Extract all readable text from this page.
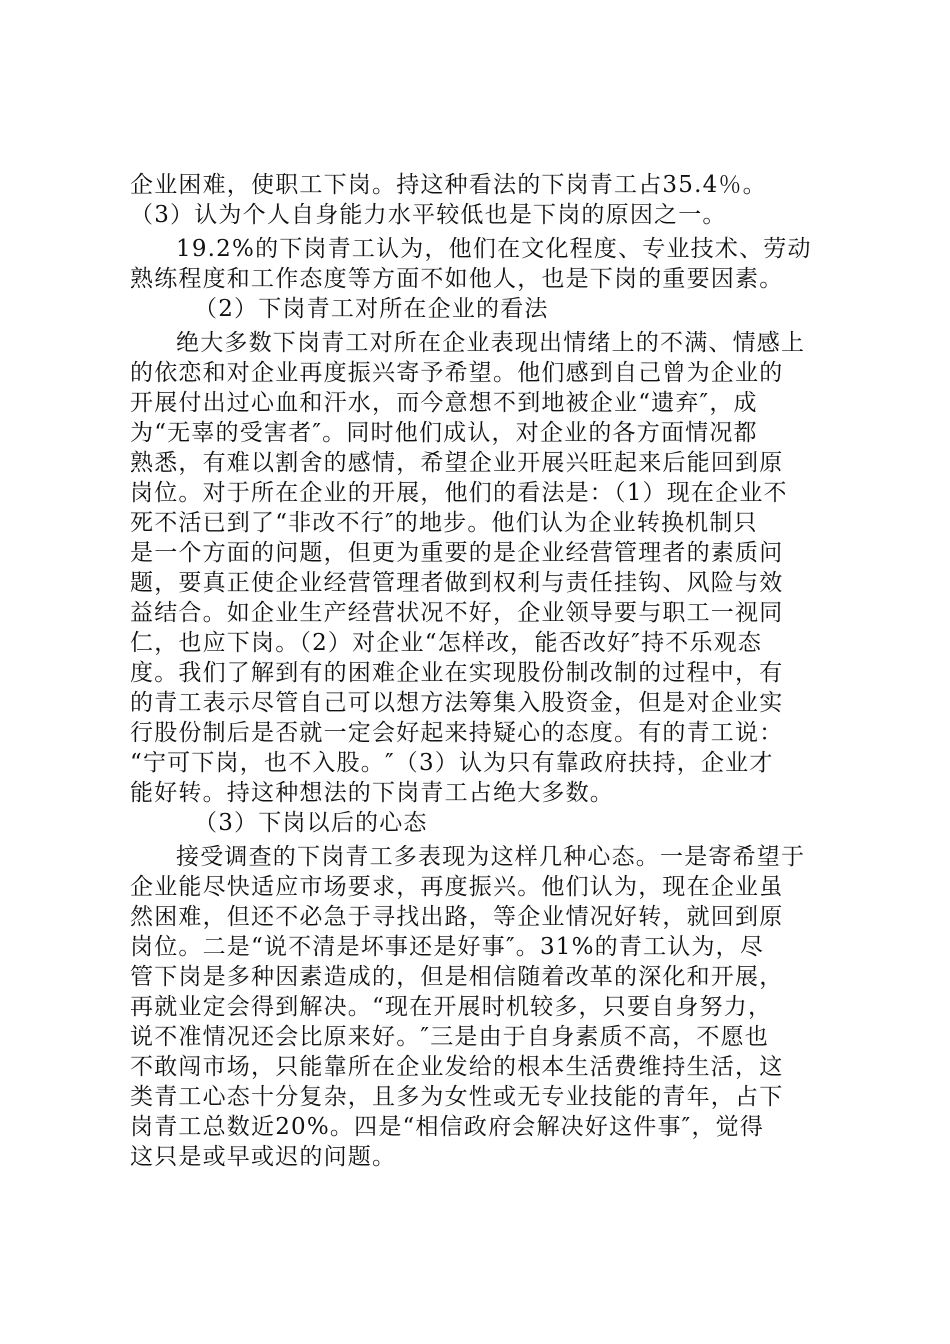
企业困难，使职工下岗。持这种看法的下岗青工占35.4％。
（3）认为个人自身能力水平较低也是下岗的原因之一。
19.2%的下岗青工认为，他们在文化程度、专业技术、劳动
熟练程度和工作态度等方面不如他人，也是下岗的重要因素。
（2）下岗青工对所在企业的看法
绝大多数下岗青工对所在企业表现出情绪上的不满、情感上
的依恋和对企业再度振兴寄予希望。他们感到自己曾为企业的
开展付出过心血和汗水，而今意想不到地被企业“遗弃″，成
为“无辜的受害者″。同时他们成认，对企业的各方面情况都
熟悉，有难以割舍的感情，希望企业开展兴旺起来后能回到原
岗位。对于所在企业的开展，他们的看法是：（1）现在企业不
死不活已到了“非改不行″的地步。他们认为企业转换机制只
是一个方面的问题，但更为重要的是企业经营管理者的素质问
题，要真正使企业经营管理者做到权利与责任挂钩、风险与效
益结合。如企业生产经营状况不好，企业领导要与职工一视同
仁，也应下岗。（2）对企业“怎样改，能否改好″持不乐观态
度。我们了解到有的困难企业在实现股份制改制的过程中，有
的青工表示尽管自己可以想方法筹集入股资金，但是对企业实
行股份制后是否就一定会好起来持疑心的态度。有的青工说：
“宁可下岗，也不入股。″（3）认为只有靠政府扶持，企业才
能好转。持这种想法的下岗青工占绝大多数。
（3）下岗以后的心态
接受调查的下岗青工多表现为这样几种心态。一是寄希望于
企业能尽快适应市场要求，再度振兴。他们认为，现在企业虽
然困难，但还不必急于寻找出路，等企业情况好转，就回到原
岗位。二是“说不清是坏事还是好事″。31%的青工认为，尽
管下岗是多种因素造成的，但是相信随着改革的深化和开展，
再就业定会得到解决。“现在开展时机较多，只要自身努力，
说不准情况还会比原来好。″三是由于自身素质不高，不愿也
不敢闯市场，只能靠所在企业发给的根本生活费维持生活，这
类青工心态十分复杂，且多为女性或无专业技能的青年，占下
岗青工总数近20%。四是“相信政府会解决好这件事″，觉得
这只是或早或迟的问题。
